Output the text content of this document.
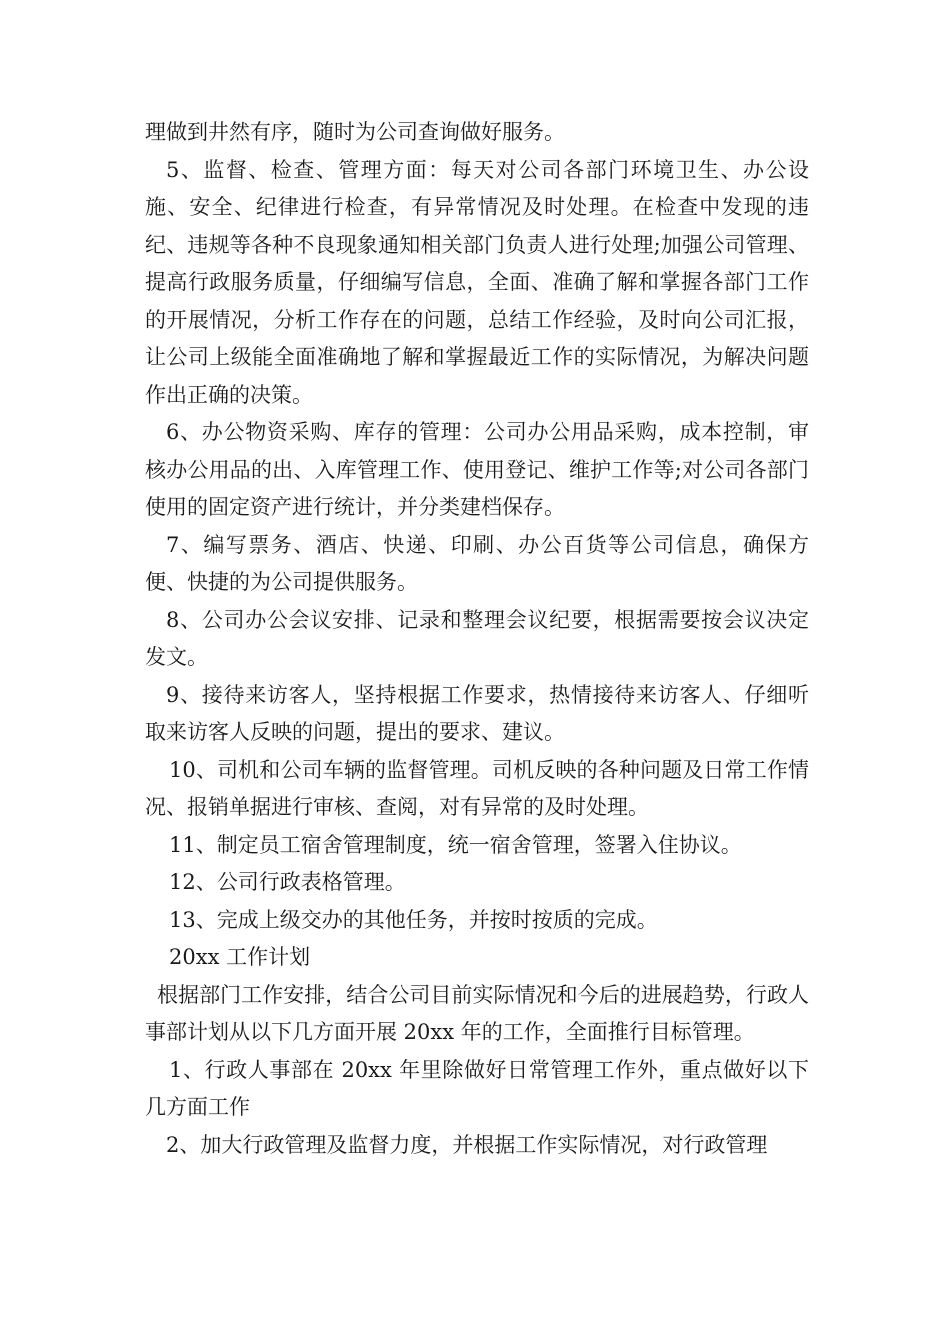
理做到井然有序，随时为公司查询做好服务。

5、监督、检查、管理方面：每天对公司各部门环境卫生、办公设施、安全、纪律进行检查，有异常情况及时处理。在检查中发现的违纪、违规等各种不良现象通知相关部门负责人进行处理;加强公司管理、提高行政服务质量，仔细编写信息，全面、准确了解和掌握各部门工作的开展情况，分析工作存在的问题，总结工作经验，及时向公司汇报，让公司上级能全面准确地了解和掌握最近工作的实际情况，为解决问题作出正确的决策。

6、办公物资采购、库存的管理：公司办公用品采购，成本控制，审核办公用品的出、入库管理工作、使用登记、维护工作等;对公司各部门使用的固定资产进行统计，并分类建档保存。

7、编写票务、酒店、快递、印刷、办公百货等公司信息，确保方便、快捷的为公司提供服务。

8、公司办公会议安排、记录和整理会议纪要，根据需要按会议决定发文。

9、接待来访客人，坚持根据工作要求，热情接待来访客人、仔细听取来访客人反映的问题，提出的要求、建议。

10、司机和公司车辆的监督管理。司机反映的各种问题及日常工作情况、报销单据进行审核、查阅，对有异常的及时处理。

11、制定员工宿舍管理制度，统一宿舍管理，签署入住协议。

12、公司行政表格管理。

13、完成上级交办的其他任务，并按时按质的完成。

20xx 工作计划

根据部门工作安排，结合公司目前实际情况和今后的进展趋势，行政人事部计划从以下几方面开展 20xx 年的工作，全面推行目标管理。

1、行政人事部在 20xx 年里除做好日常管理工作外，重点做好以下几方面工作

2、加大行政管理及监督力度，并根据工作实际情况，对行政管理
